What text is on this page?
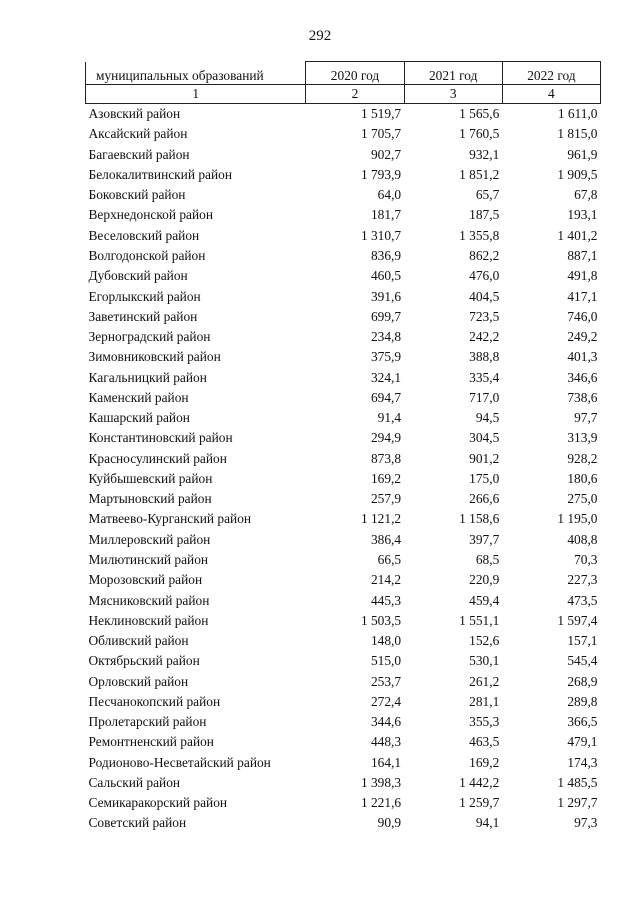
292
муниципальных образований	2020 год	2021 год	2022 год
1	2	3	4
Азовский район	1 519,7	1 565,6	1 611,0
Аксайский район	1 705,7	1 760,5	1 815,0
Багаевский район	902,7	932,1	961,9
Белокалитвинский район	1 793,9	1 851,2	1 909,5
Боковский район	64,0	65,7	67,8
Верхнедонской район	181,7	187,5	193,1
Веселовский район	1 310,7	1 355,8	1 401,2
Волгодонской район	836,9	862,2	887,1
Дубовский район	460,5	476,0	491,8
Егорлыкский район	391,6	404,5	417,1
Заветинский район	699,7	723,5	746,0
Зерноградский район	234,8	242,2	249,2
Зимовниковский район	375,9	388,8	401,3
Кагальницкий район	324,1	335,4	346,6
Каменский район	694,7	717,0	738,6
Кашарский район	91,4	94,5	97,7
Константиновский район	294,9	304,5	313,9
Красносулинский район	873,8	901,2	928,2
Куйбышевский район	169,2	175,0	180,6
Мартыновский район	257,9	266,6	275,0
Матвеево-Курганский район	1 121,2	1 158,6	1 195,0
Миллеровский район	386,4	397,7	408,8
Милютинский район	66,5	68,5	70,3
Морозовский район	214,2	220,9	227,3
Мясниковский район	445,3	459,4	473,5
Неклиновский район	1 503,5	1 551,1	1 597,4
Обливский район	148,0	152,6	157,1
Октябрьский район	515,0	530,1	545,4
Орловский район	253,7	261,2	268,9
Песчанокопский район	272,4	281,1	289,8
Пролетарский район	344,6	355,3	366,5
Ремонтненский район	448,3	463,5	479,1
Родионово-Несветайский район	164,1	169,2	174,3
Сальский район	1 398,3	1 442,2	1 485,5
Семикаракорский район	1 221,6	1 259,7	1 297,7
Советский район	90,9	94,1	97,3
